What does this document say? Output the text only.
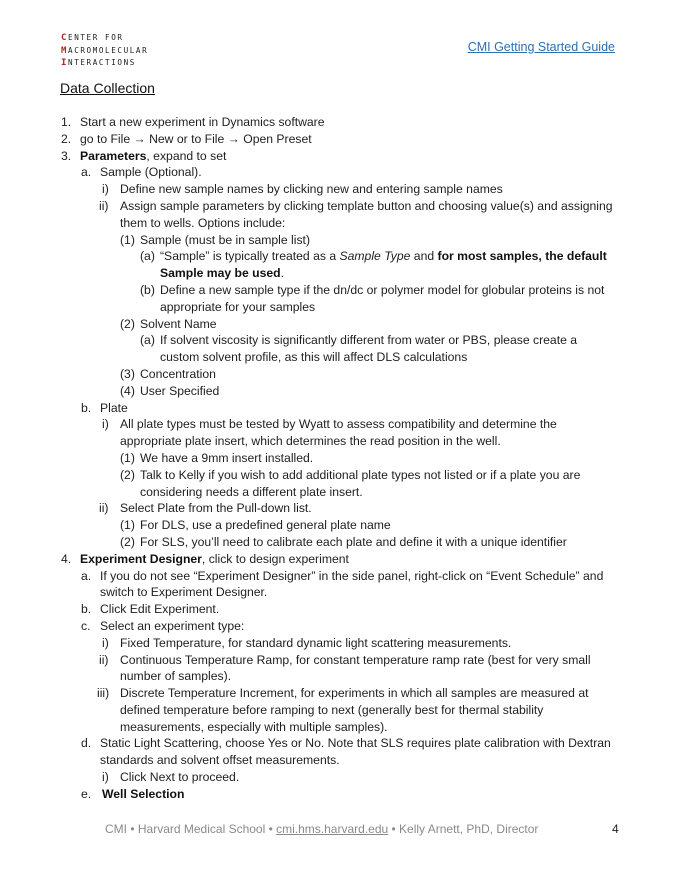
CENTER FOR
MACROMOLECULAR
INTERACTIONS
CMI Getting Started Guide
Data Collection
1. Start a new experiment in Dynamics software
2. go to File → New or to File → Open Preset
3. Parameters, expand to set
a. Sample (Optional).
i) Define new sample names by clicking new and entering sample names
ii) Assign sample parameters by clicking template button and choosing value(s) and assigning them to wells. Options include:
(1) Sample (must be in sample list)
(a) “Sample” is typically treated as a Sample Type and for most samples, the default Sample may be used.
(b) Define a new sample type if the dn/dc or polymer model for globular proteins is not appropriate for your samples
(2) Solvent Name
(a) If solvent viscosity is significantly different from water or PBS, please create a custom solvent profile, as this will affect DLS calculations
(3) Concentration
(4) User Specified
b. Plate
i) All plate types must be tested by Wyatt to assess compatibility and determine the appropriate plate insert, which determines the read position in the well.
(1) We have a 9mm insert installed.
(2) Talk to Kelly if you wish to add additional plate types not listed or if a plate you are considering needs a different plate insert.
ii) Select Plate from the Pull-down list.
(1) For DLS, use a predefined general plate name
(2) For SLS, you’ll need to calibrate each plate and define it with a unique identifier
4. Experiment Designer, click to design experiment
a. If you do not see “Experiment Designer” in the side panel, right-click on “Event Schedule” and switch to Experiment Designer.
b. Click Edit Experiment.
c. Select an experiment type:
i) Fixed Temperature, for standard dynamic light scattering measurements.
ii) Continuous Temperature Ramp, for constant temperature ramp rate (best for very small number of samples).
iii) Discrete Temperature Increment, for experiments in which all samples are measured at defined temperature before ramping to next (generally best for thermal stability measurements, especially with multiple samples).
d. Static Light Scattering, choose Yes or No. Note that SLS requires plate calibration with Dextran standards and solvent offset measurements.
i) Click Next to proceed.
e. Well Selection
CMI • Harvard Medical School • cmi.hms.harvard.edu • Kelly Arnett, PhD, Director	4
